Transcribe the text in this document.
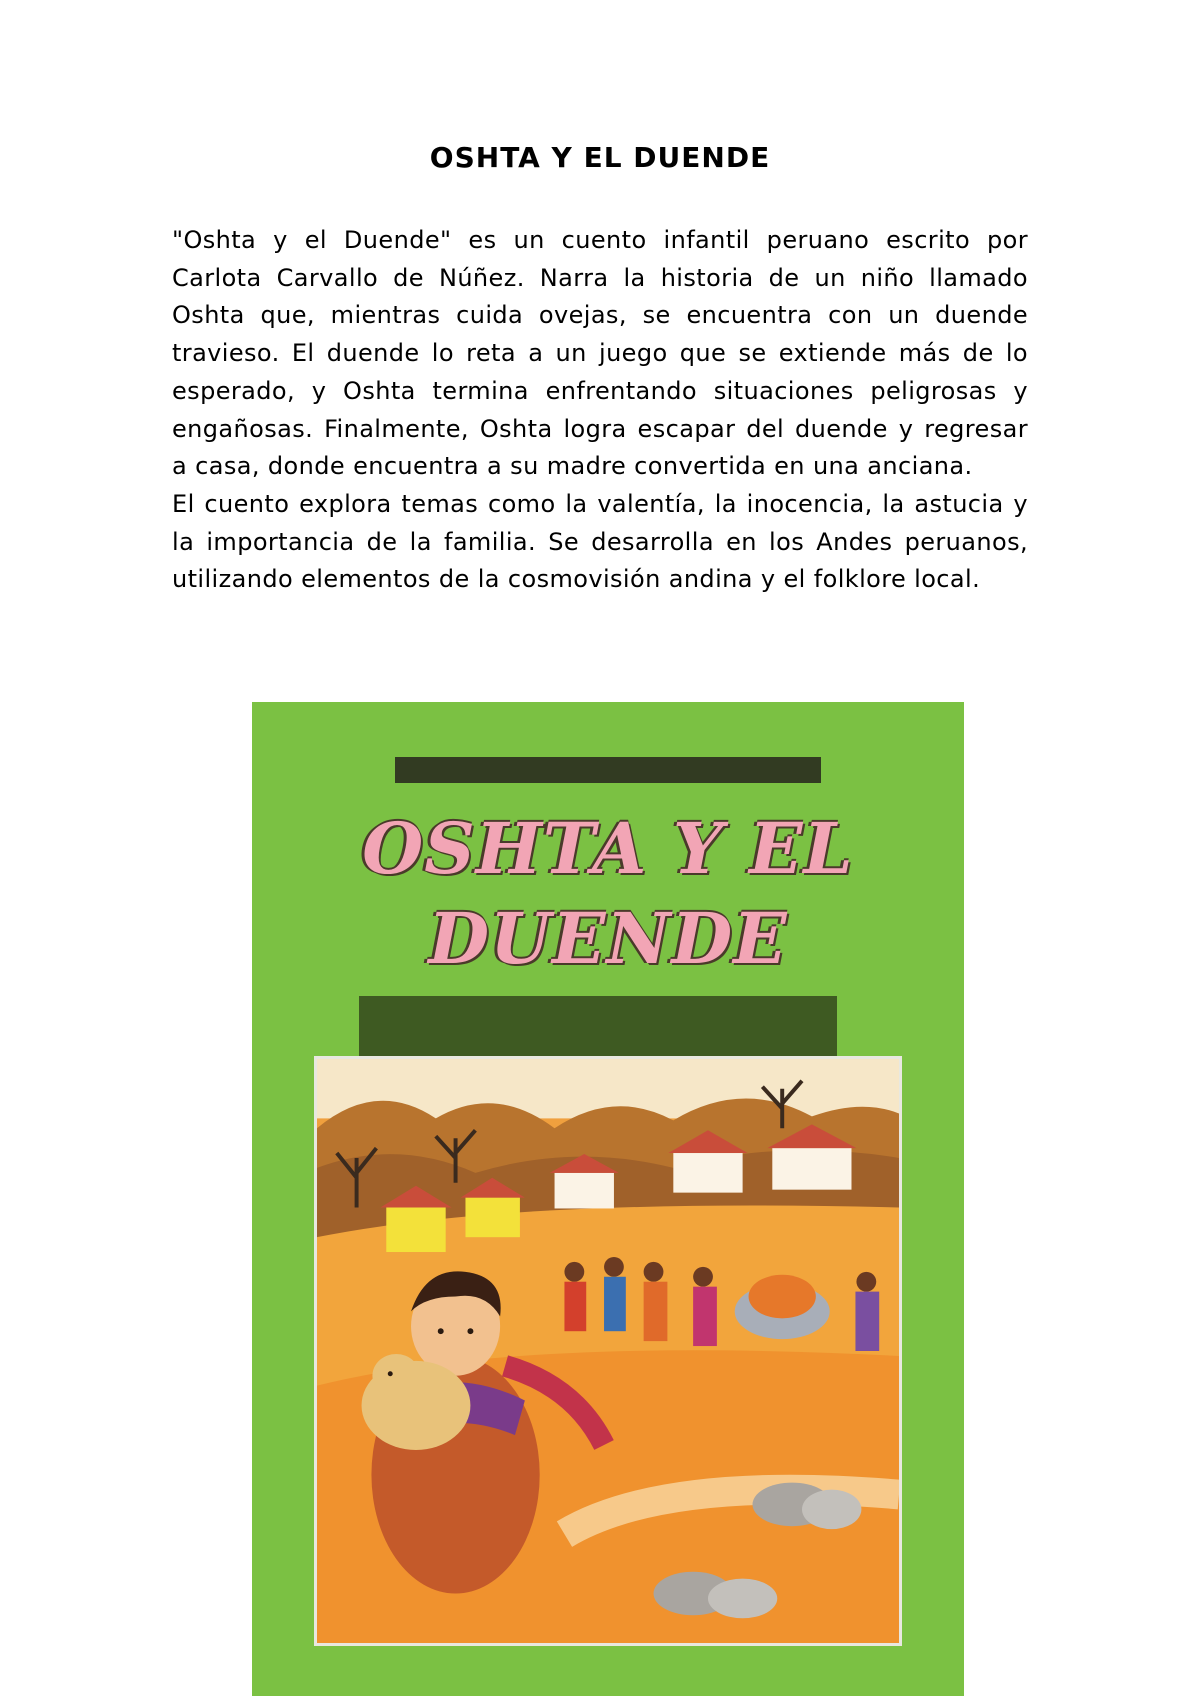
OSHTA Y EL DUENDE

"Oshta y el Duende" es un cuento infantil peruano escrito por Carlota Carvallo de Núñez. Narra la historia de un niño llamado Oshta que, mientras cuida ovejas, se encuentra con un duende travieso. El duende lo reta a un juego que se extiende más de lo esperado, y Oshta termina enfrentando situaciones peligrosas y engañosas. Finalmente, Oshta logra escapar del duende y regresar a casa, donde encuentra a su madre convertida en una anciana.

El cuento explora temas como la valentía, la inocencia, la astucia y la importancia de la familia. Se desarrolla en los Andes peruanos, utilizando elementos de la cosmovisión andina y el folklore local.

OSHTA Y EL
DUENDE
